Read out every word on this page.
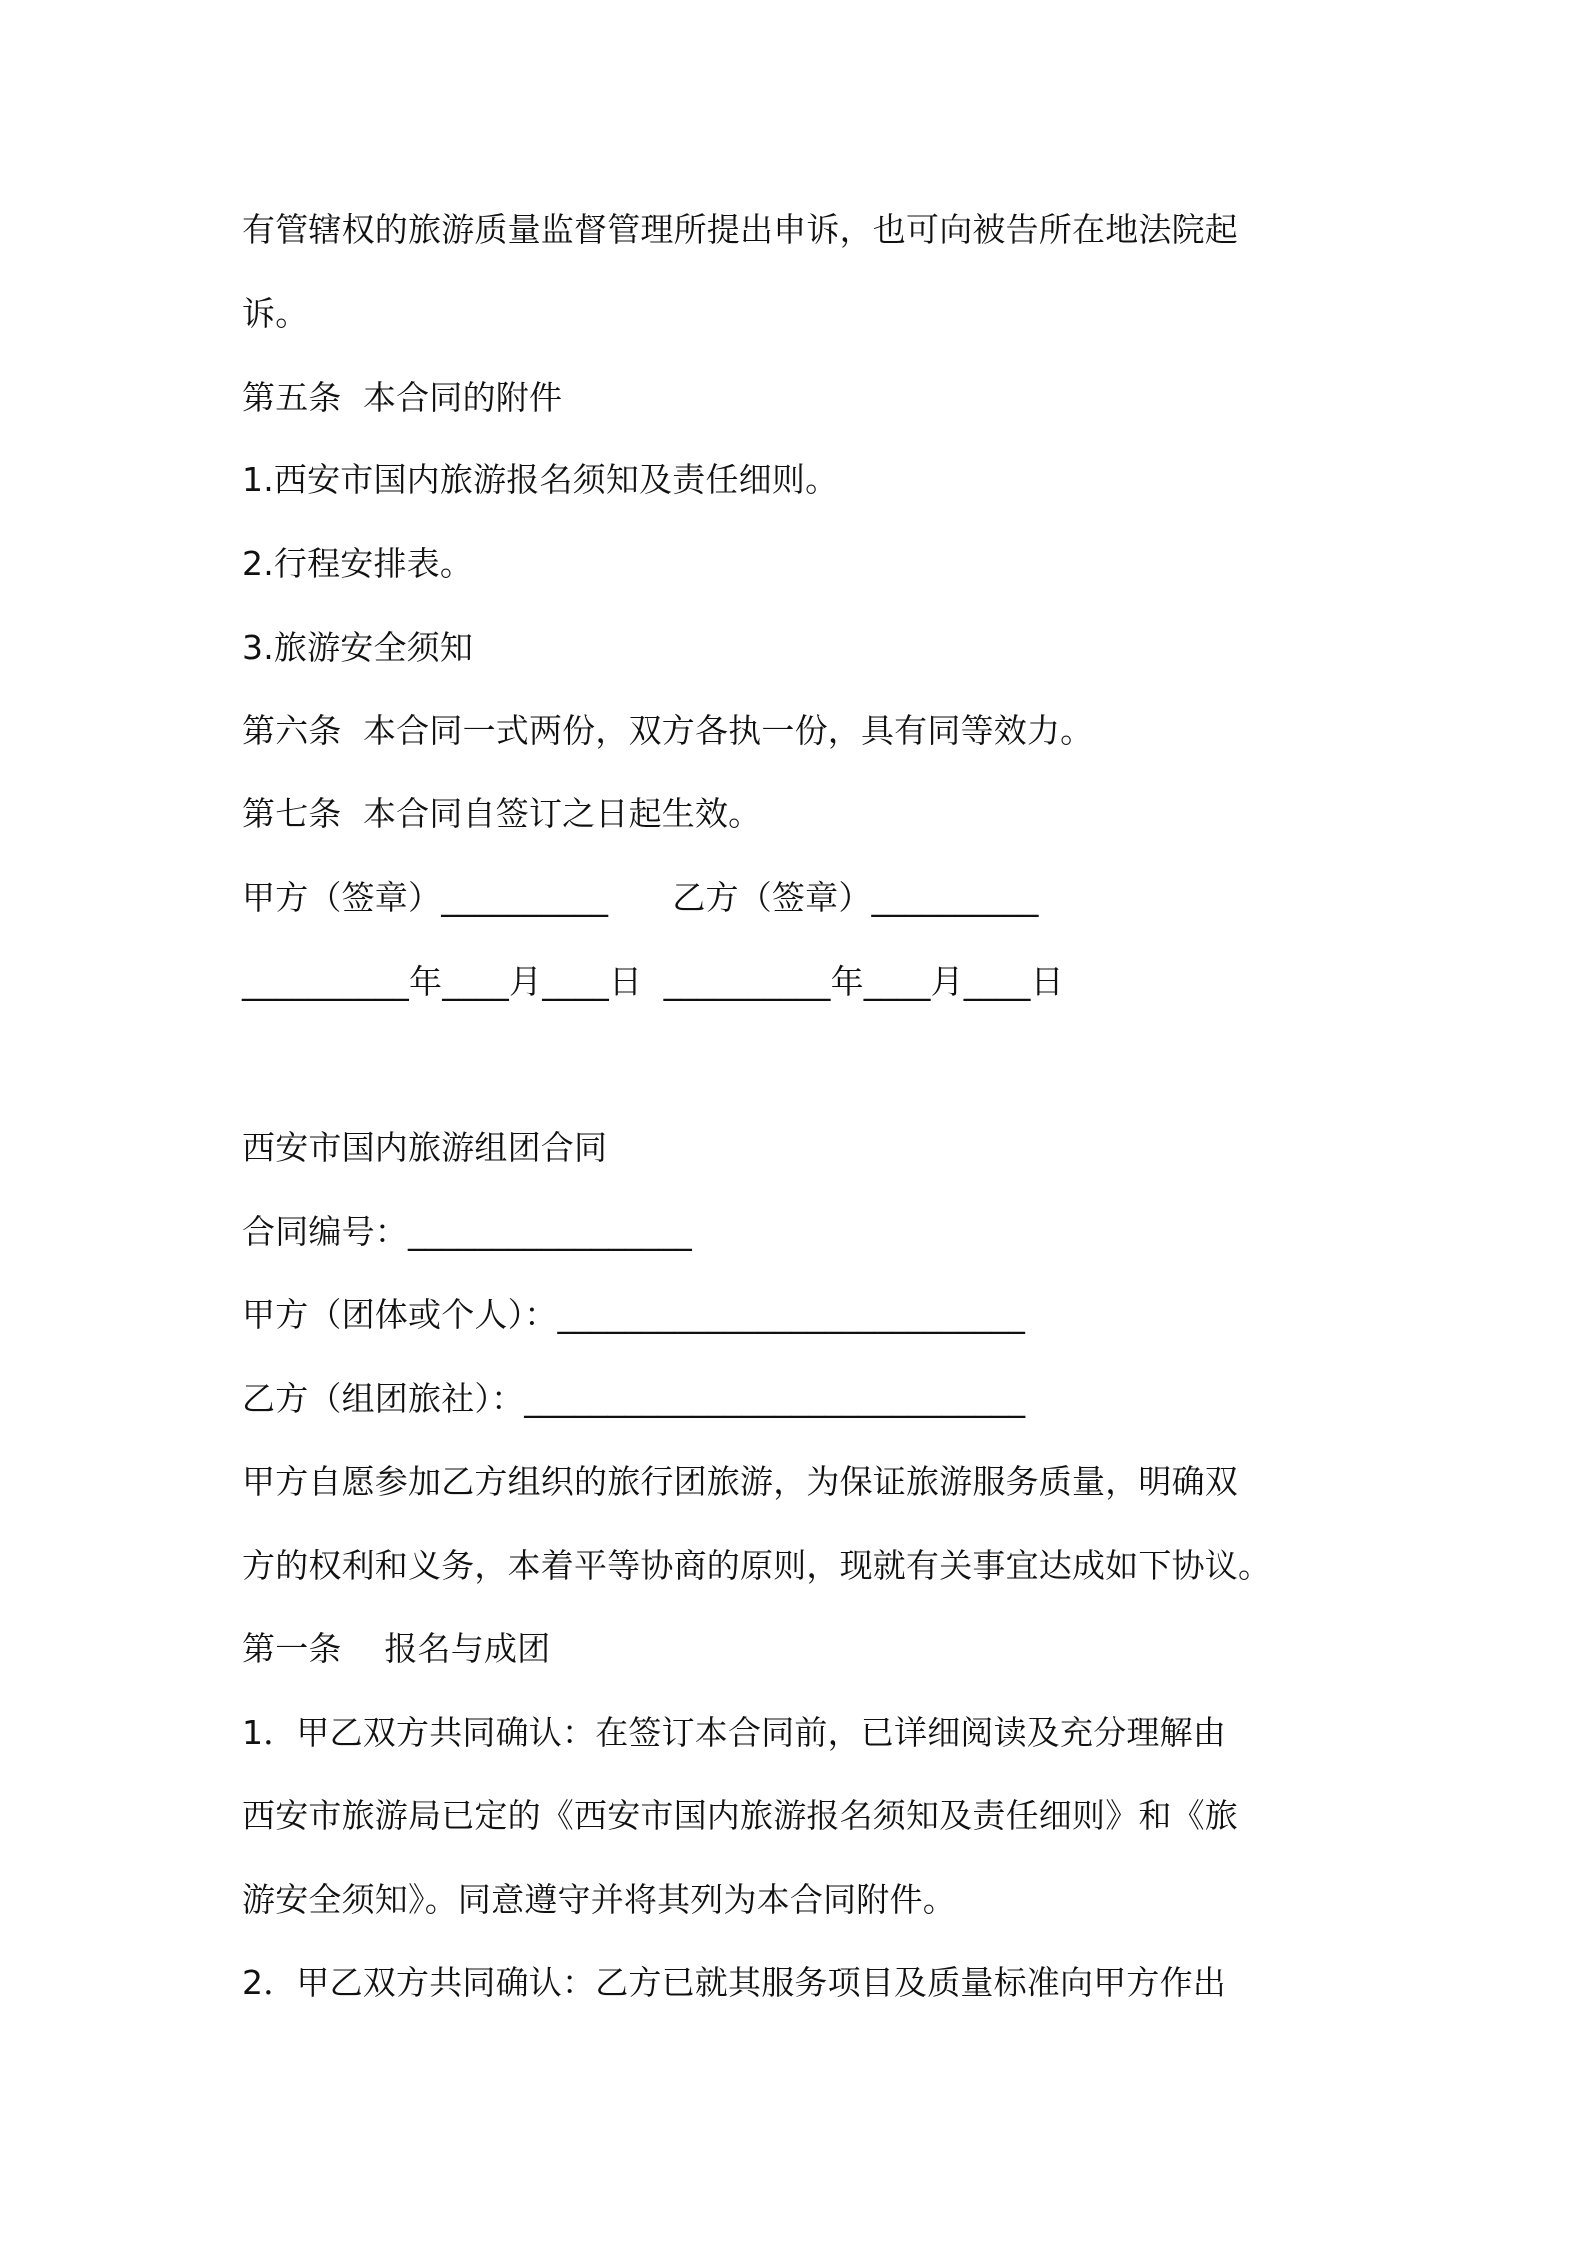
有管辖权的旅游质量监督管理所提出申诉，也可向被告所在地法院起
诉。
第五条  本合同的附件
1.西安市国内旅游报名须知及责任细则。
2.行程安排表。
3.旅游安全须知
第六条  本合同一式两份，双方各执一份，具有同等效力。
第七条  本合同自签订之日起生效。
甲方（签章）__________      乙方（签章）__________
__________年____月____日  __________年____月____日
西安市国内旅游组团合同
合同编号：_________________
甲方（团体或个人）：____________________________
乙方（组团旅社）：______________________________
甲方自愿参加乙方组织的旅行团旅游，为保证旅游服务质量，明确双
方的权利和义务，本着平等协商的原则，现就有关事宜达成如下协议。
第一条    报名与成团
1．甲乙双方共同确认：在签订本合同前，已详细阅读及充分理解由
西安市旅游局已定的《西安市国内旅游报名须知及责任细则》和《旅
游安全须知》。同意遵守并将其列为本合同附件。
2．甲乙双方共同确认：乙方已就其服务项目及质量标准向甲方作出
